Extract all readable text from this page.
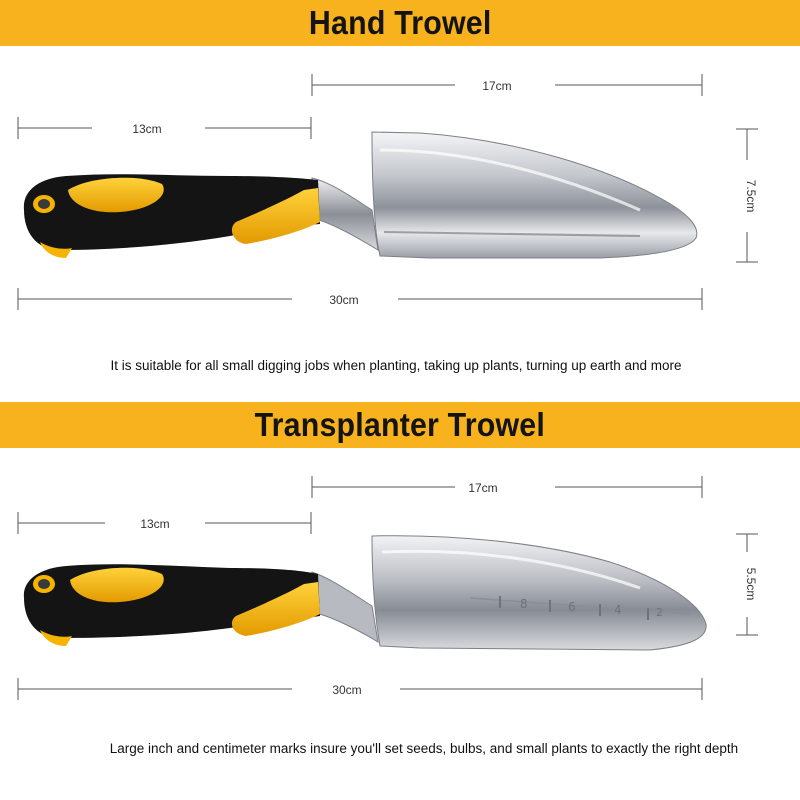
Hand Trowel
17cm
13cm
7.5cm
30cm
It is suitable for all small digging jobs when planting, taking up plants, turning up earth and more
Transplanter Trowel
17cm
13cm
5.5cm
8	6	4	2
30cm
Large inch and centimeter marks insure you'll set seeds, bulbs, and small plants to exactly the right depth
